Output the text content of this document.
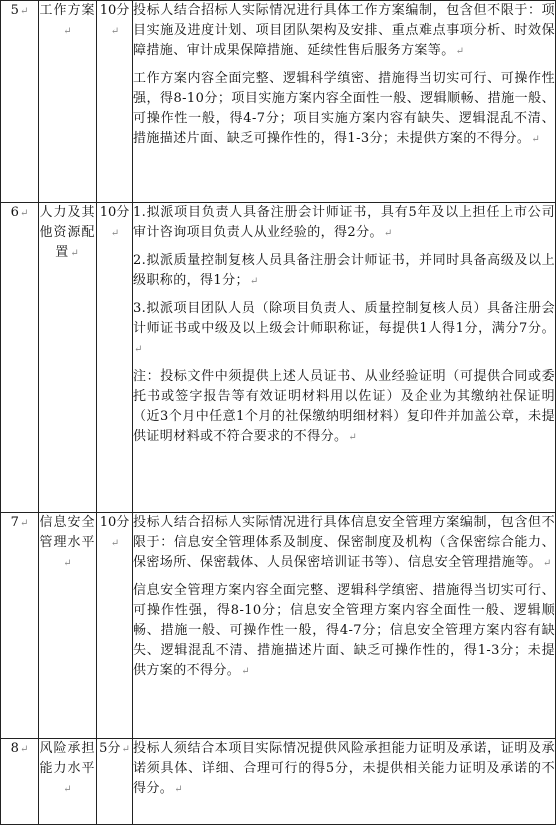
5↵	工作方案↵	10分↵	投标人结合招标人实际情况进行具体工作方案编制，包含但不限于：项目实施及进度计划、项目团队架构及安排、重点难点事项分析、时效保障措施、审计成果保障措施、延续性售后服务方案等。↵

工作方案内容全面完整、逻辑科学缜密、措施得当切实可行、可操作性强，得8-10分；项目实施方案内容全面性一般、逻辑顺畅、措施一般、可操作性一般，得4-7分；项目实施方案内容有缺失、逻辑混乱不清、措施描述片面、缺乏可操作性的，得1-3分；未提供方案的不得分。↵

6↵	人力及其他资源配置↵	10分↵	1.拟派项目负责人具备注册会计师证书，具有5年及以上担任上市公司审计咨询项目负责人从业经验的，得2分。↵

2.拟派质量控制复核人员具备注册会计师证书，并同时具备高级及以上级职称的，得1分；↵

3.拟派项目团队人员（除项目负责人、质量控制复核人员）具备注册会计师证书或中级及以上级会计师职称证，每提供1人得1分，满分7分。↵

注：投标文件中须提供上述人员证书、从业经验证明（可提供合同或委托书或签字报告等有效证明材料用以佐证）及企业为其缴纳社保证明（近3个月中任意1个月的社保缴纳明细材料）复印件并加盖公章，未提供证明材料或不符合要求的不得分。↵

7↵	信息安全管理水平↵	10分↵	投标人结合招标人实际情况进行具体信息安全管理方案编制，包含但不限于：信息安全管理体系及制度、保密制度及机构（含保密综合能力、保密场所、保密载体、人员保密培训证书等）、信息安全管理措施等。↵

信息安全管理方案内容全面完整、逻辑科学缜密、措施得当切实可行、可操作性强，得8-10分；信息安全管理方案内容全面性一般、逻辑顺畅、措施一般、可操作性一般，得4-7分；信息安全管理方案内容有缺失、逻辑混乱不清、措施描述片面、缺乏可操作性的，得1-3分；未提供方案的不得分。↵

8↵	风险承担能力水平↵	5分↵	投标人须结合本项目实际情况提供风险承担能力证明及承诺，证明及承诺须具体、详细、合理可行的得5分，未提供相关能力证明及承诺的不得分。↵
